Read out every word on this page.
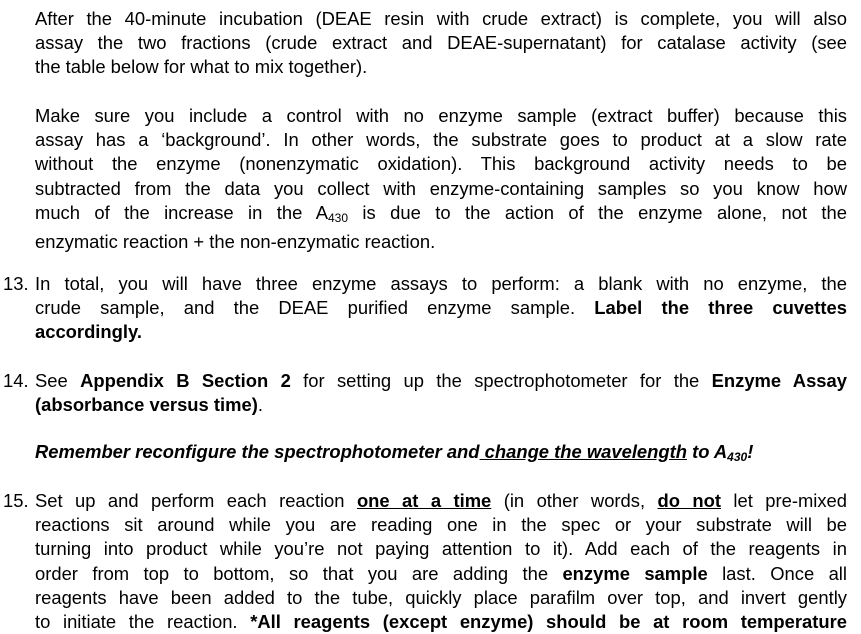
After the 40-minute incubation (DEAE resin with crude extract) is complete, you will also
assay the two fractions (crude extract and DEAE-supernatant) for catalase activity (see
the table below for what to mix together).
Make sure you include a control with no enzyme sample (extract buffer) because this
assay has a ‘background’. In other words, the substrate goes to product at a slow rate
without the enzyme (nonenzymatic oxidation). This background activity needs to be
subtracted from the data you collect with enzyme-containing samples so you know how
much of the increase in the A430 is due to the action of the enzyme alone, not the
enzymatic reaction + the non-enzymatic reaction.
13. In total, you will have three enzyme assays to perform: a blank with no enzyme, the
crude sample, and the DEAE purified enzyme sample. Label the three cuvettes
accordingly.
14. See Appendix B Section 2 for setting up the spectrophotometer for the Enzyme Assay
(absorbance versus time).
Remember reconfigure the spectrophotometer and change the wavelength to A430!
15. Set up and perform each reaction one at a time (in other words, do not let pre-mixed
reactions sit around while you are reading one in the spec or your substrate will be
turning into product while you’re not paying attention to it). Add each of the reagents in
order from top to bottom, so that you are adding the enzyme sample last. Once all
reagents have been added to the tube, quickly place parafilm over top, and invert gently
to initiate the reaction. *All reagents (except enzyme) should be at room temperature
